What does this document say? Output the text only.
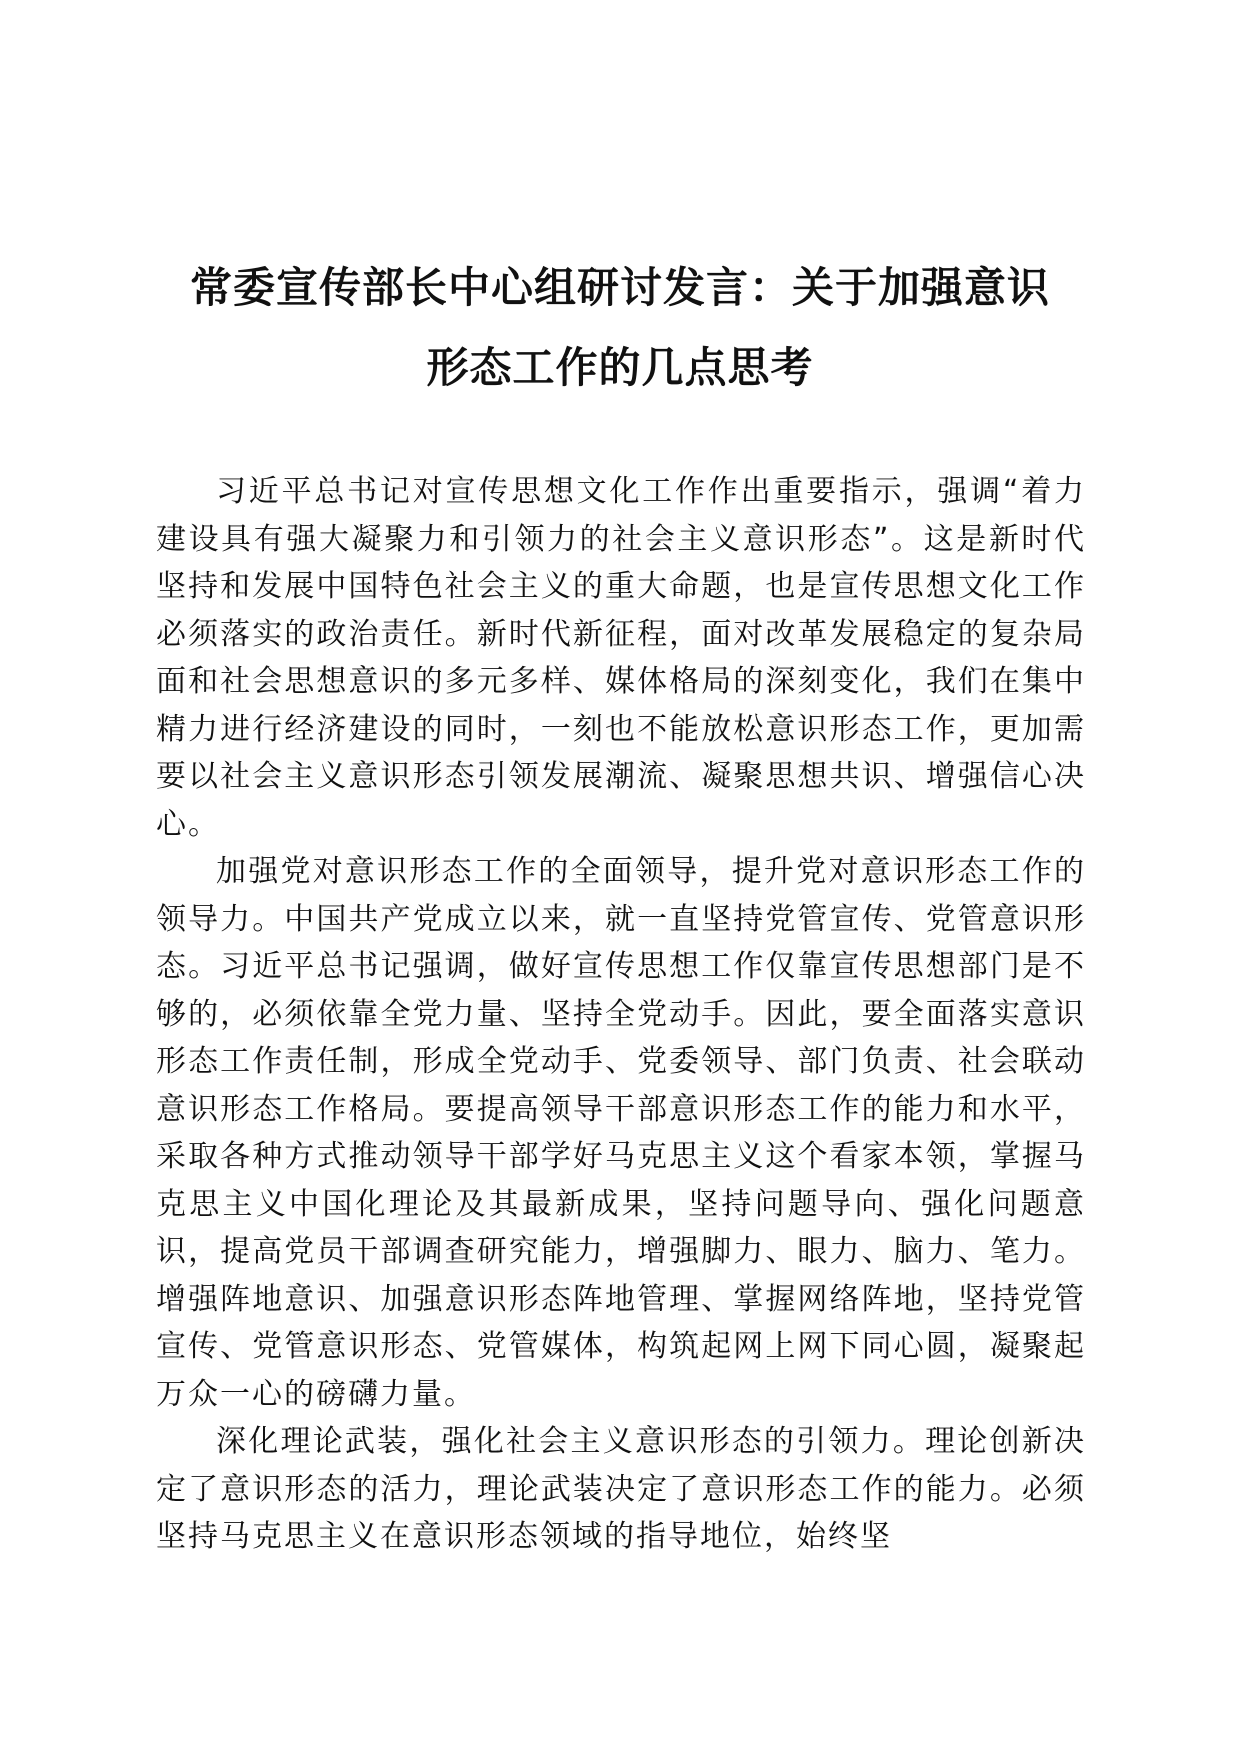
常委宣传部长中心组研讨发言：关于加强意识
形态工作的几点思考

习近平总书记对宣传思想文化工作作出重要指示，强调“着力建设具有强大凝聚力和引领力的社会主义意识形态”。这是新时代坚持和发展中国特色社会主义的重大命题，也是宣传思想文化工作必须落实的政治责任。新时代新征程，面对改革发展稳定的复杂局面和社会思想意识的多元多样、媒体格局的深刻变化，我们在集中精力进行经济建设的同时，一刻也不能放松意识形态工作，更加需要以社会主义意识形态引领发展潮流、凝聚思想共识、增强信心决心。

加强党对意识形态工作的全面领导，提升党对意识形态工作的领导力。中国共产党成立以来，就一直坚持党管宣传、党管意识形态。习近平总书记强调，做好宣传思想工作仅靠宣传思想部门是不够的，必须依靠全党力量、坚持全党动手。因此，要全面落实意识形态工作责任制，形成全党动手、党委领导、部门负责、社会联动意识形态工作格局。要提高领导干部意识形态工作的能力和水平，采取各种方式推动领导干部学好马克思主义这个看家本领，掌握马克思主义中国化理论及其最新成果，坚持问题导向、强化问题意识，提高党员干部调查研究能力，增强脚力、眼力、脑力、笔力。增强阵地意识、加强意识形态阵地管理、掌握网络阵地，坚持党管宣传、党管意识形态、党管媒体，构筑起网上网下同心圆，凝聚起万众一心的磅礴力量。

深化理论武装，强化社会主义意识形态的引领力。理论创新决定了意识形态的活力，理论武装决定了意识形态工作的能力。必须坚持马克思主义在意识形态领域的指导地位，始终坚
